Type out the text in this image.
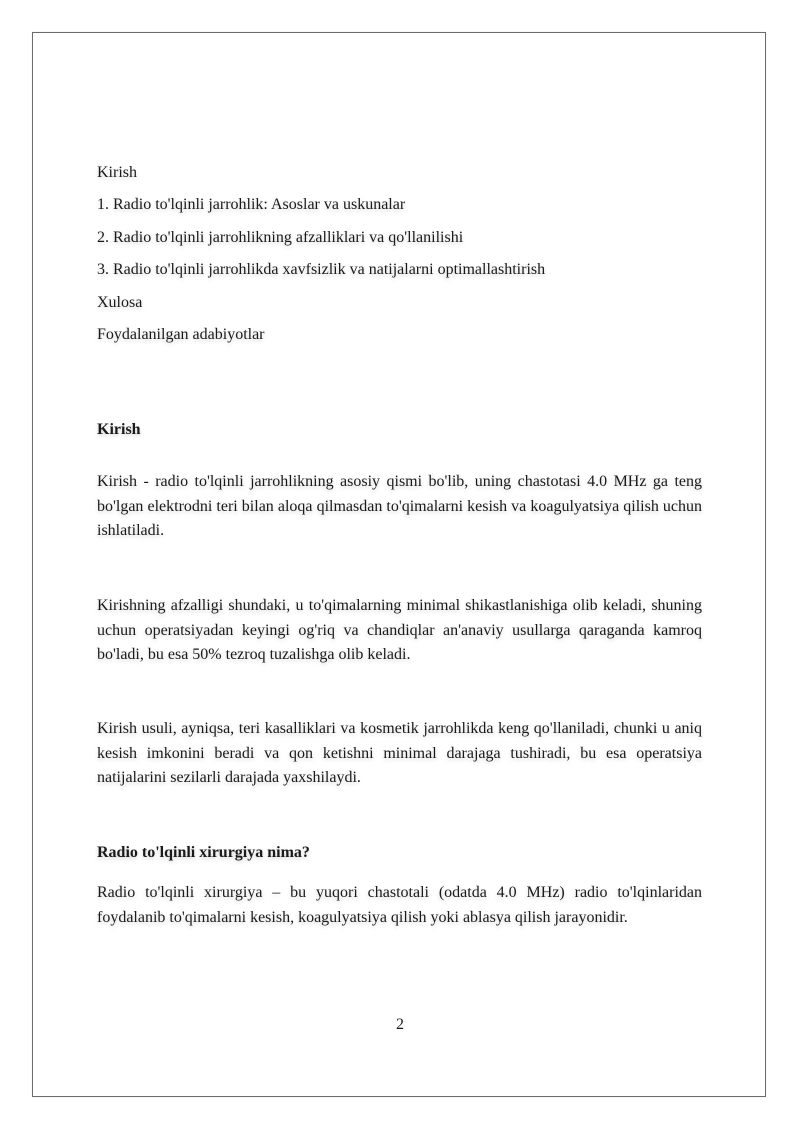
Kirish
1. Radio to'lqinli jarrohlik: Asoslar va uskunalar
2. Radio to'lqinli jarrohlikning afzalliklari va qo'llanilishi
3. Radio to'lqinli jarrohlikda xavfsizlik va natijalarni optimallashtirish
Xulosa
Foydalanilgan adabiyotlar
Kirish

Kirish - radio to'lqinli jarrohlikning asosiy qismi bo'lib, uning chastotasi 4.0 MHz ga teng bo'lgan elektrodni teri bilan aloqa qilmasdan to'qimalarni kesish va koagulyatsiya qilish uchun ishlatiladi.

Kirishning afzalligi shundaki, u to'qimalarning minimal shikastlanishiga olib keladi, shuning uchun operatsiyadan keyingi og'riq va chandiqlar an'anaviy usullarga qaraganda kamroq bo'ladi, bu esa 50% tezroq tuzalishga olib keladi.

Kirish usuli, ayniqsa, teri kasalliklari va kosmetik jarrohlikda keng qo'llaniladi, chunki u aniq kesish imkonini beradi va qon ketishni minimal darajaga tushiradi, bu esa operatsiya natijalarini sezilarli darajada yaxshilaydi.

Radio to'lqinli xirurgiya nima?

Radio to'lqinli xirurgiya – bu yuqori chastotali (odatda 4.0 MHz) radio to'lqinlaridan foydalanib to'qimalarni kesish, koagulyatsiya qilish yoki ablasya qilish jarayonidir.

2
